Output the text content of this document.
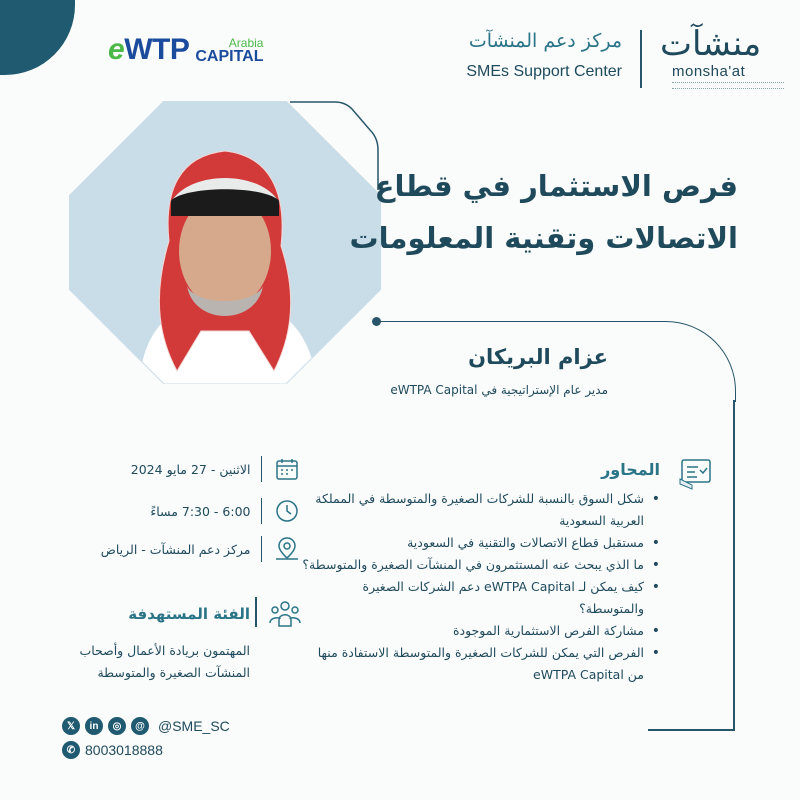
eWTP	Arabia
CAPITAL
مركز دعم المنشآت
SMEs Support Center
منشآت
monsha'at
فرص الاستثمار في قطاع
الاتصالات وتقنية المعلومات
عزام البريكان
مدير عام الإستراتيجية في eWTPA Capital
المحاور
• شكل السوق بالنسبة للشركات الصغيرة والمتوسطة في المملكة العربية السعودية
• مستقبل قطاع الاتصالات والتقنية في السعودية
• ما الذي يبحث عنه المستثمرون في المنشآت الصغيرة والمتوسطة؟
• كيف يمكن لـ eWTPA Capital دعم الشركات الصغيرة والمتوسطة؟
• مشاركة الفرص الاستثمارية الموجودة
• الفرص التي يمكن للشركات الصغيرة والمتوسطة الاستفادة منها من eWTPA Capital
الاثنين - 27 مايو 2024
6:00 - 7:30 مساءً
مركز دعم المنشآت - الرياض
الفئة المستهدفة
المهتمون بريادة الأعمال وأصحاب
المنشآت الصغيرة والمتوسطة
𝕏	in	◎	@ @SME_SC
✆ 8003018888
